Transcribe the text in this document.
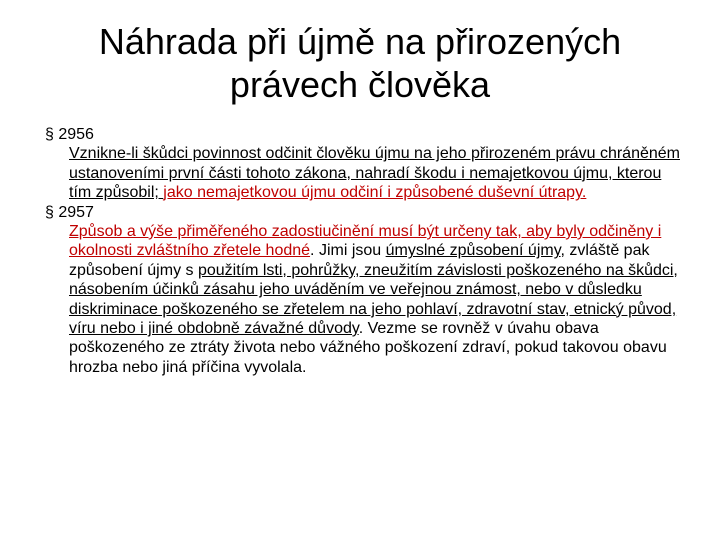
Náhrada při újmě na přirozených
právech člověka
§ 2956

Vznikne-li škůdci povinnost odčinit člověku újmu na jeho přirozeném právu chráněném ustanoveními první části tohoto zákona, nahradí škodu i nemajetkovou újmu, kterou tím způsobil; jako nemajetkovou újmu odčiní i způsobené duševní útrapy.

§ 2957

Způsob a výše přiměřeného zadostiučinění musí být určeny tak, aby byly odčiněny i okolnosti zvláštního zřetele hodné. Jimi jsou úmyslné způsobení újmy, zvláště pak způsobení újmy s použitím lsti, pohrůžky, zneužitím závislosti poškozeného na škůdci, násobením účinků zásahu jeho uváděním ve veřejnou známost, nebo v důsledku diskriminace poškozeného se zřetelem na jeho pohlaví, zdravotní stav, etnický původ, víru nebo i jiné obdobně závažné důvody. Vezme se rovněž v úvahu obava poškozeného ze ztráty života nebo vážného poškození zdraví, pokud takovou obavu hrozba nebo jiná příčina vyvolala.
